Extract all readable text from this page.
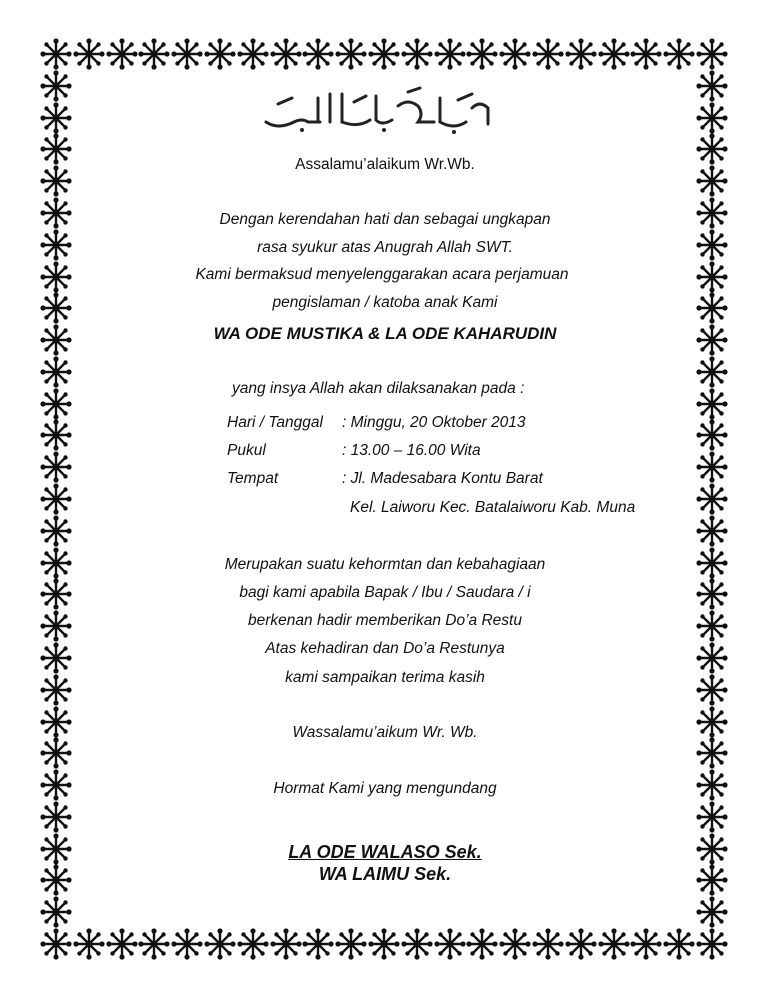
Assalamu’alaikum Wr.Wb.
Dengan kerendahan hati dan sebagai ungkapan
rasa syukur atas Anugrah Allah SWT.
Kami bermaksud menyelenggarakan acara perjamuan
pengislaman / katoba anak Kami
WA ODE MUSTIKA & LA ODE KAHARUDIN
yang insya Allah akan dilaksanakan pada :
Hari / Tanggal : Minggu, 20 Oktober 2013
Pukul	: 13.00 – 16.00 Wita
Tempat	: Jl. Madesabara Kontu Barat
Kel. Laiworu Kec. Batalaiworu Kab. Muna
Merupakan suatu kehormtan dan kebahagiaan
bagi kami apabila Bapak / Ibu / Saudara / i
berkenan hadir memberikan Do’a Restu
Atas kehadiran dan Do’a Restunya
kami sampaikan terima kasih
Wassalamu’aikum Wr. Wb.
Hormat Kami yang mengundang
LA ODE WALASO Sek.
WA LAIMU Sek.
